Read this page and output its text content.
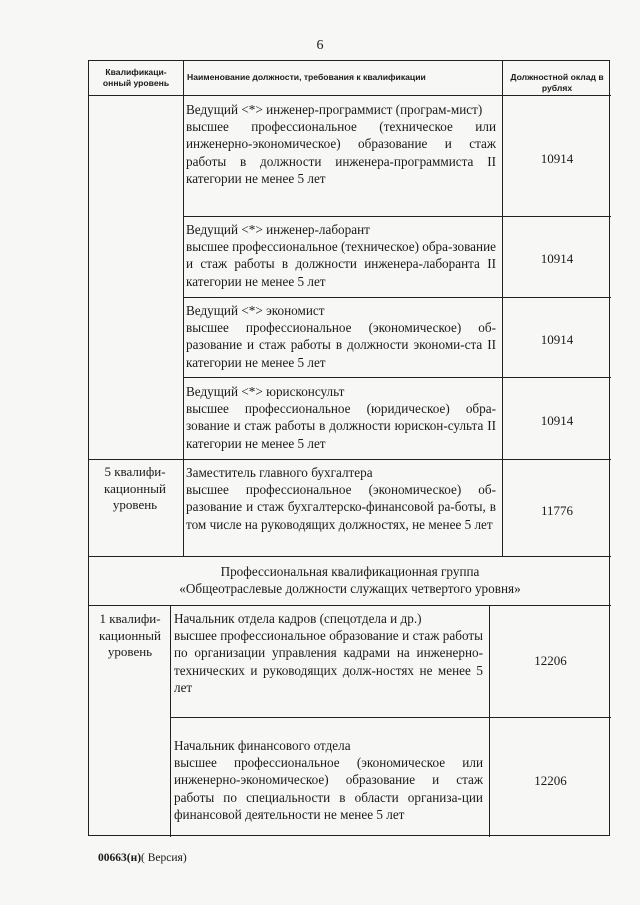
6
Квалификаци-онный уровень
Наименование должности, требования к квалификации	Должностной оклад в рублях
Ведущий <*> инженер-программист (програм-мист)
высшее профессиональное (техническое или инженерно-экономическое) образование и стаж работы в должности инженера-программиста II категории не менее 5 лет
10914
Ведущий <*> инженер-лаборант
высшее профессиональное (техническое) обра-зование и стаж работы в должности инженера-лаборанта II категории не менее 5 лет
10914
Ведущий <*> экономист
высшее профессиональное (экономическое) об-разование и стаж работы в должности экономи-ста II категории не менее 5 лет
10914
Ведущий <*> юрисконсульт
высшее профессиональное (юридическое) обра-зование и стаж работы в должности юрискон-сульта II категории не менее 5 лет
10914
5 квалифи-кационный уровень
Заместитель главного бухгалтера
высшее профессиональное (экономическое) об-разование и стаж бухгалтерско-финансовой ра-боты, в том числе на руководящих должностях, не менее 5 лет
11776
Профессиональная квалификационная группа
«Общеотраслевые должности служащих четвертого уровня»
1 квалифи-кационный уровень
Начальник отдела кадров (спецотдела и др.)
высшее профессиональное образование и стаж работы по организации управления кадрами на инженерно-технических и руководящих долж-ностях не менее 5 лет
12206
Начальник финансового отдела
высшее профессиональное (экономическое или инженерно-экономическое) образование и стаж работы по специальности в области организа-ции финансовой деятельности не менее 5 лет
12206
00663(н)( Версия)
